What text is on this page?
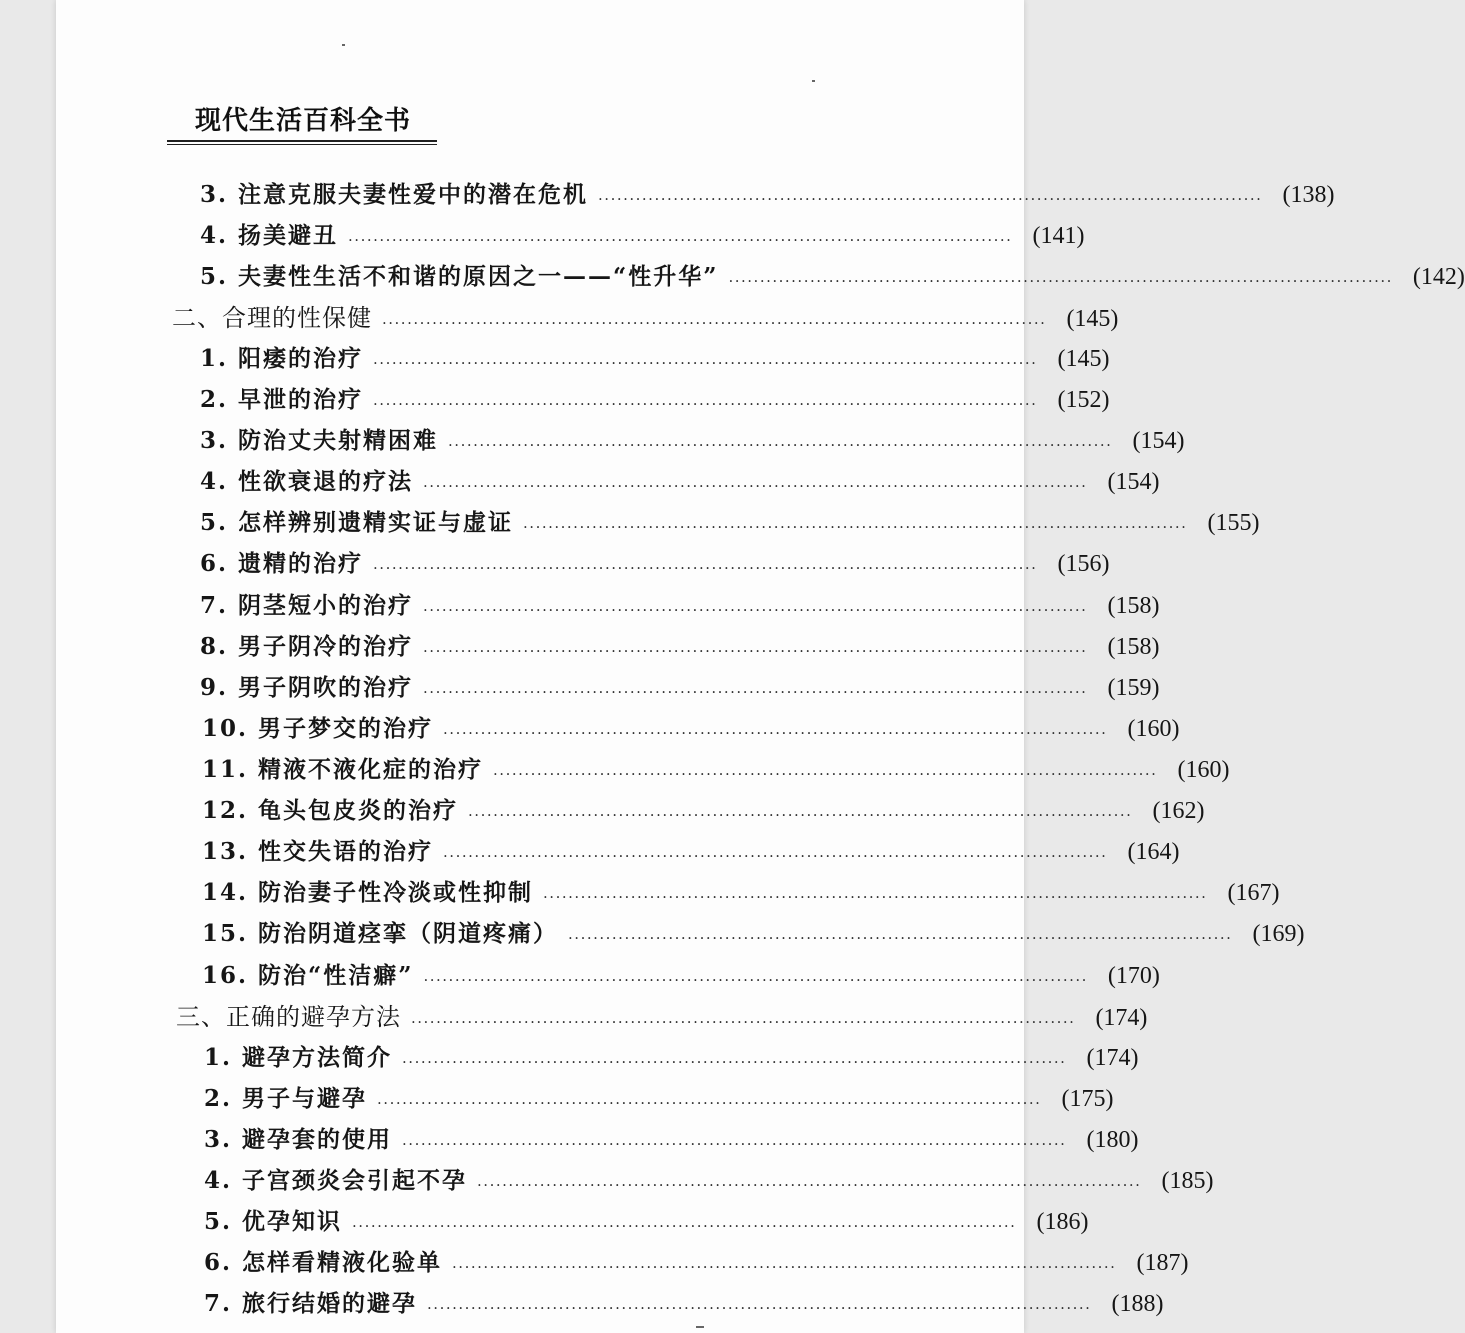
现代生活百科全书
3. 注意克服夫妻性爱中的潜在危机 .......................................................................................................... (138)
4. 扬美避丑 .......................................................................................................... (141)
5. 夫妻性生活不和谐的原因之一——“性升华” .......................................................................................................... (142)
二、合理的性保健 .......................................................................................................... (145)
1. 阳痿的治疗 .......................................................................................................... (145)
2. 早泄的治疗 .......................................................................................................... (152)
3. 防治丈夫射精困难 .......................................................................................................... (154)
4. 性欲衰退的疗法 .......................................................................................................... (154)
5. 怎样辨别遗精实证与虚证 .......................................................................................................... (155)
6. 遗精的治疗 .......................................................................................................... (156)
7. 阴茎短小的治疗 .......................................................................................................... (158)
8. 男子阴冷的治疗 .......................................................................................................... (158)
9. 男子阴吹的治疗 .......................................................................................................... (159)
10. 男子梦交的治疗 .......................................................................................................... (160)
11. 精液不液化症的治疗 .......................................................................................................... (160)
12. 龟头包皮炎的治疗 .......................................................................................................... (162)
13. 性交失语的治疗 .......................................................................................................... (164)
14. 防治妻子性冷淡或性抑制 .......................................................................................................... (167)
15. 防治阴道痉挛（阴道疼痛） .......................................................................................................... (169)
16. 防治“性洁癖” .......................................................................................................... (170)
三、正确的避孕方法 .......................................................................................................... (174)
1. 避孕方法简介 .......................................................................................................... (174)
2. 男子与避孕 .......................................................................................................... (175)
3. 避孕套的使用 .......................................................................................................... (180)
4. 子宫颈炎会引起不孕 .......................................................................................................... (185)
5. 优孕知识 .......................................................................................................... (186)
6. 怎样看精液化验单 .......................................................................................................... (187)
7. 旅行结婚的避孕 .......................................................................................................... (188)
